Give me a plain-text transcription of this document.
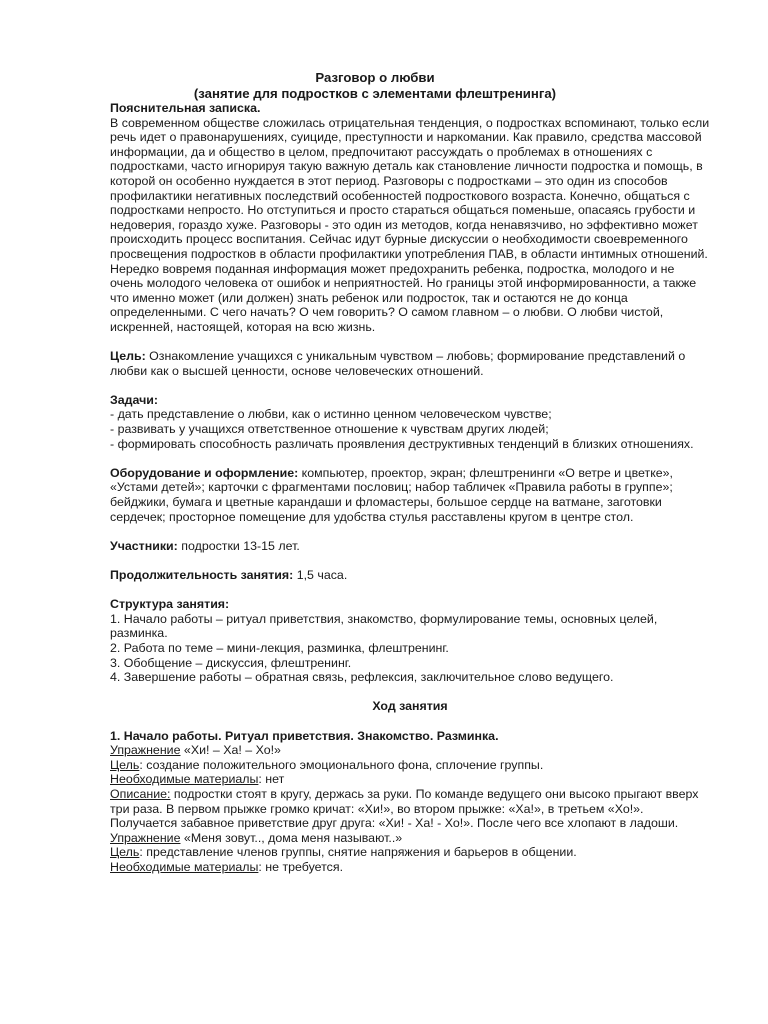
Разговор о любви
(занятие для подростков с элементами флештренинга)

Пояснительная записка.

В современном обществе сложилась отрицательная тенденция, о подростках вспоминают, только если речь идет о правонарушениях, суициде, преступности и наркомании. Как правило, средства массовой информации, да и общество в целом, предпочитают рассуждать о проблемах в отношениях с подростками, часто игнорируя такую важную деталь как становление личности подростка и помощь, в которой он особенно нуждается в этот период. Разговоры с подростками – это один из способов профилактики негативных последствий особенностей подросткового возраста. Конечно, общаться с подростками непросто. Но отступиться и просто стараться общаться поменьше, опасаясь грубости и недоверия, гораздо хуже. Разговоры - это один из методов, когда ненавязчиво, но эффективно может происходить процесс воспитания. Сейчас идут бурные дискуссии о необходимости своевременного просвещения подростков в области профилактики употребления ПАВ, в области интимных отношений. Нередко вовремя поданная информация может предохранить ребенка, подростка, молодого и не очень молодого человека от ошибок и неприятностей. Но границы этой информированности, а также что именно может (или должен) знать ребенок или подросток, так и остаются не до конца определенными. С чего начать? О чем говорить? О самом главном – о любви. О любви чистой, искренней, настоящей, которая на всю жизнь.

Цель: Ознакомление учащихся с уникальным чувством – любовь; формирование представлений о любви как о высшей ценности, основе человеческих отношений.

Задачи:

- дать представление о любви, как о истинно ценном человеческом чувстве;

- развивать у учащихся ответственное отношение к чувствам других людей;

- формировать способность различать проявления деструктивных тенденций в близких отношениях.

Оборудование и оформление: компьютер, проектор, экран; флештренинги «О ветре и цветке», «Устами детей»; карточки с фрагментами пословиц; набор табличек «Правила работы в группе»; бейджики, бумага и цветные карандаши и фломастеры, большое сердце на ватмане, заготовки сердечек; просторное помещение для удобства стулья расставлены кругом в центре стол.

Участники: подростки 13-15 лет.

Продолжительность занятия: 1,5 часа.

Структура занятия:

1. Начало работы – ритуал приветствия, знакомство, формулирование темы, основных целей, разминка.

2. Работа по теме – мини-лекция, разминка, флештренинг.

3. Обобщение – дискуссия, флештренинг.

4. Завершение работы – обратная связь, рефлексия, заключительное слово ведущего.

Ход занятия

1. Начало работы. Ритуал приветствия. Знакомство. Разминка.

Упражнение «Хи! – Ха! – Хо!»

Цель: создание положительного эмоционального фона, сплочение группы.

Необходимые материалы: нет

Описание: подростки стоят в кругу, держась за руки. По команде ведущего они высоко прыгают вверх три раза. В первом прыжке громко кричат: «Хи!», во втором прыжке: «Ха!», в третьем «Хо!». Получается забавное приветствие друг друга: «Хи! - Ха! - Хо!». После чего все хлопают в ладоши.

Упражнение «Меня зовут.., дома меня называют..»

Цель: представление членов группы, снятие напряжения и барьеров в общении.

Необходимые материалы: не требуется.
